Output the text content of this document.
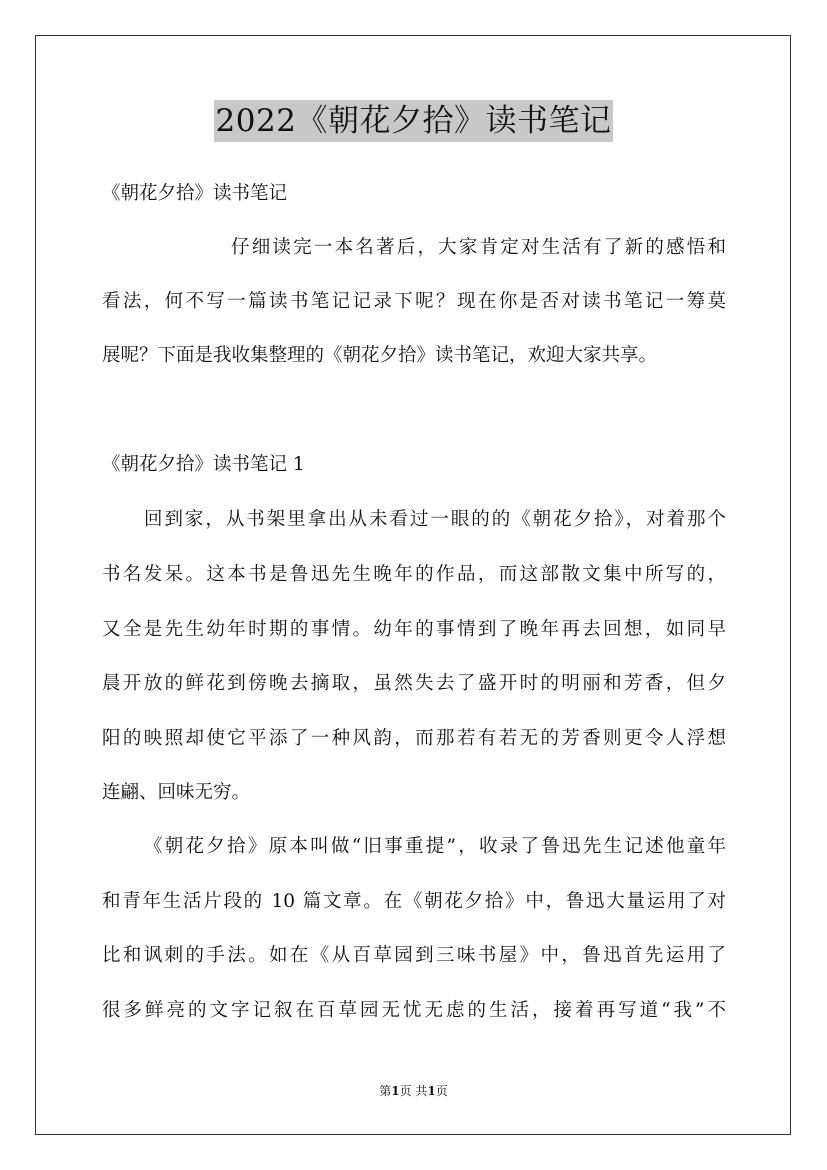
2022《朝花夕拾》读书笔记
《朝花夕拾》读书笔记
仔细读完一本名著后，大家肯定对生活有了新的感悟和
看法，何不写一篇读书笔记记录下呢？现在你是否对读书笔记一筹莫
展呢？下面是我收集整理的《朝花夕拾》读书笔记，欢迎大家共享。
《朝花夕拾》读书笔记 1
回到家，从书架里拿出从未看过一眼的的《朝花夕拾》，对着那个
书名发呆。这本书是鲁迅先生晚年的作品，而这部散文集中所写的，
又全是先生幼年时期的事情。幼年的事情到了晚年再去回想，如同早
晨开放的鲜花到傍晚去摘取，虽然失去了盛开时的明丽和芳香，但夕
阳的映照却使它平添了一种风韵，而那若有若无的芳香则更令人浮想
连翩、回味无穷。
《朝花夕拾》原本叫做“旧事重提”，收录了鲁迅先生记述他童年
和青年生活片段的 10 篇文章。在《朝花夕拾》中，鲁迅大量运用了对
比和讽刺的手法。如在《从百草园到三味书屋》中，鲁迅首先运用了
很多鲜亮的文字记叙在百草园无忧无虑的生活，接着再写道“我”不
第1页 共1页
